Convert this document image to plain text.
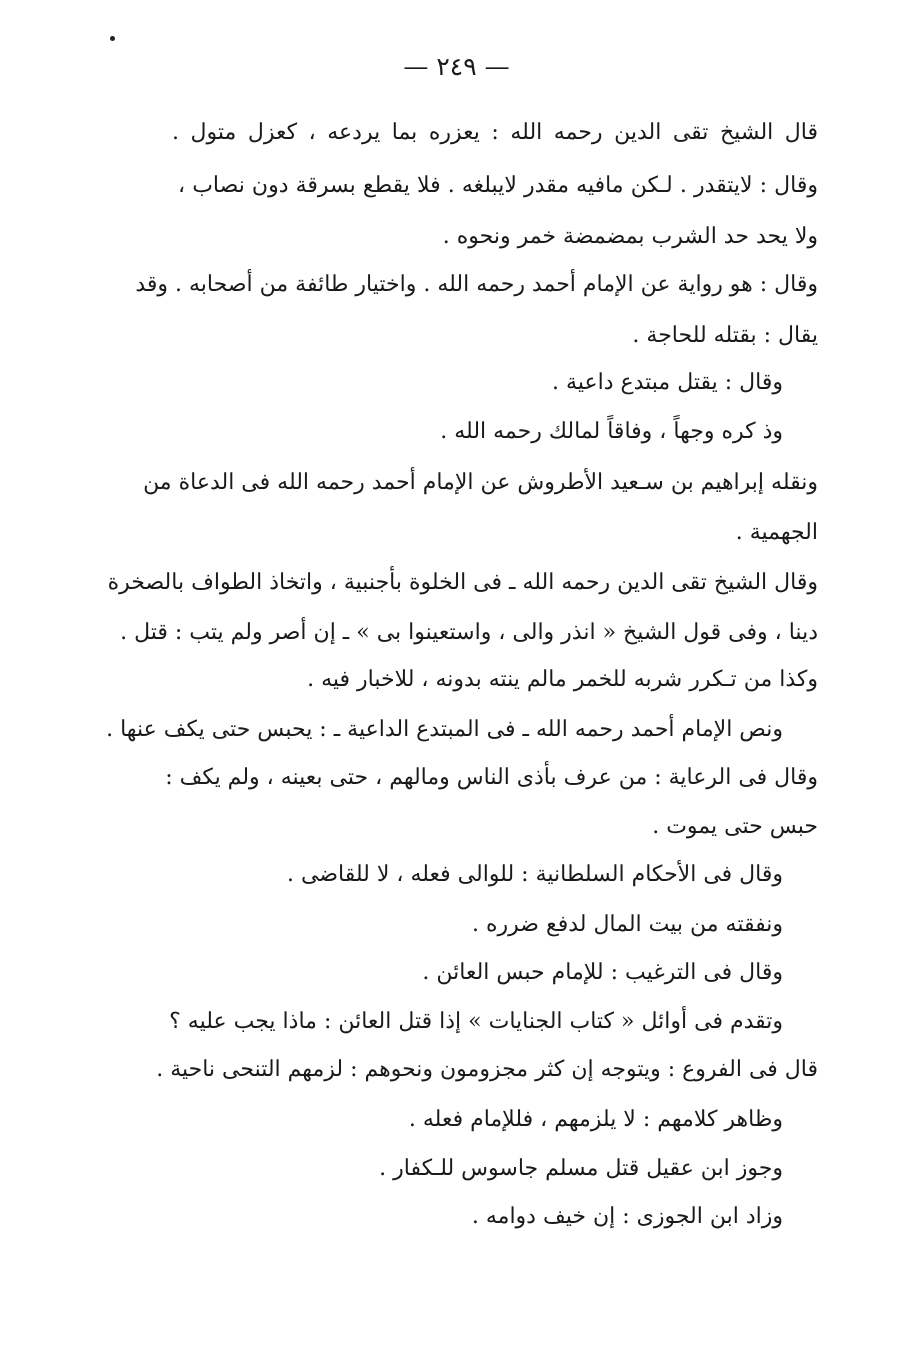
— ٢٤٩ —
قال الشيخ تقى الدين رحمه الله : يعزره بما يردعه ، كعزل متول .
وقال : لايتقدر . لـكن مافيه مقدر لايبلغه . فلا يقطع بسرقة دون نصاب ،
ولا يحد حد الشرب بمضمضة خمر ونحوه .
وقال : هو رواية عن الإمام أحمد رحمه الله . واختيار طائفة من أصحابه . وقد
يقال : بقتله للحاجة .
وقال : يقتل مبتدع داعية .
وذ كره وجهاً ، وفاقاً لمالك رحمه الله .
ونقله إبراهيم بن سـعيد الأطروش عن الإمام أحمد رحمه الله فى الدعاة من
الجهمية .
وقال الشيخ تقى الدين رحمه الله ـ فى الخلوة بأجنبية ، واتخاذ الطواف بالصخرة
دينا ، وفى قول الشيخ « انذر والى ، واستعينوا بى » ـ إن أصر ولم يتب : قتل .
وكذا من تـكرر شربه للخمر مالم ينته بدونه ، للاخبار فيه .
ونص الإمام أحمد رحمه الله ـ فى المبتدع الداعية ـ : يحبس حتى يكف عنها .
وقال فى الرعاية : من عرف بأذى الناس ومالهم ، حتى بعينه ، ولم يكف :
حبس حتى يموت .
وقال فى الأحكام السلطانية : للوالى فعله ، لا للقاضى .
ونفقته من بيت المال لدفع ضرره .
وقال فى الترغيب : للإمام حبس العائن .
وتقدم فى أوائل « كتاب الجنايات » إذا قتل العائن : ماذا يجب عليه ؟
قال فى الفروع : ويتوجه إن كثر مجزومون ونحوهم : لزمهم التنحى ناحية .
وظاهر كلامهم : لا يلزمهم ، فللإمام فعله .
وجوز ابن عقيل قتل مسلم جاسوس للـكفار .
وزاد ابن الجوزى : إن خيف دوامه .
